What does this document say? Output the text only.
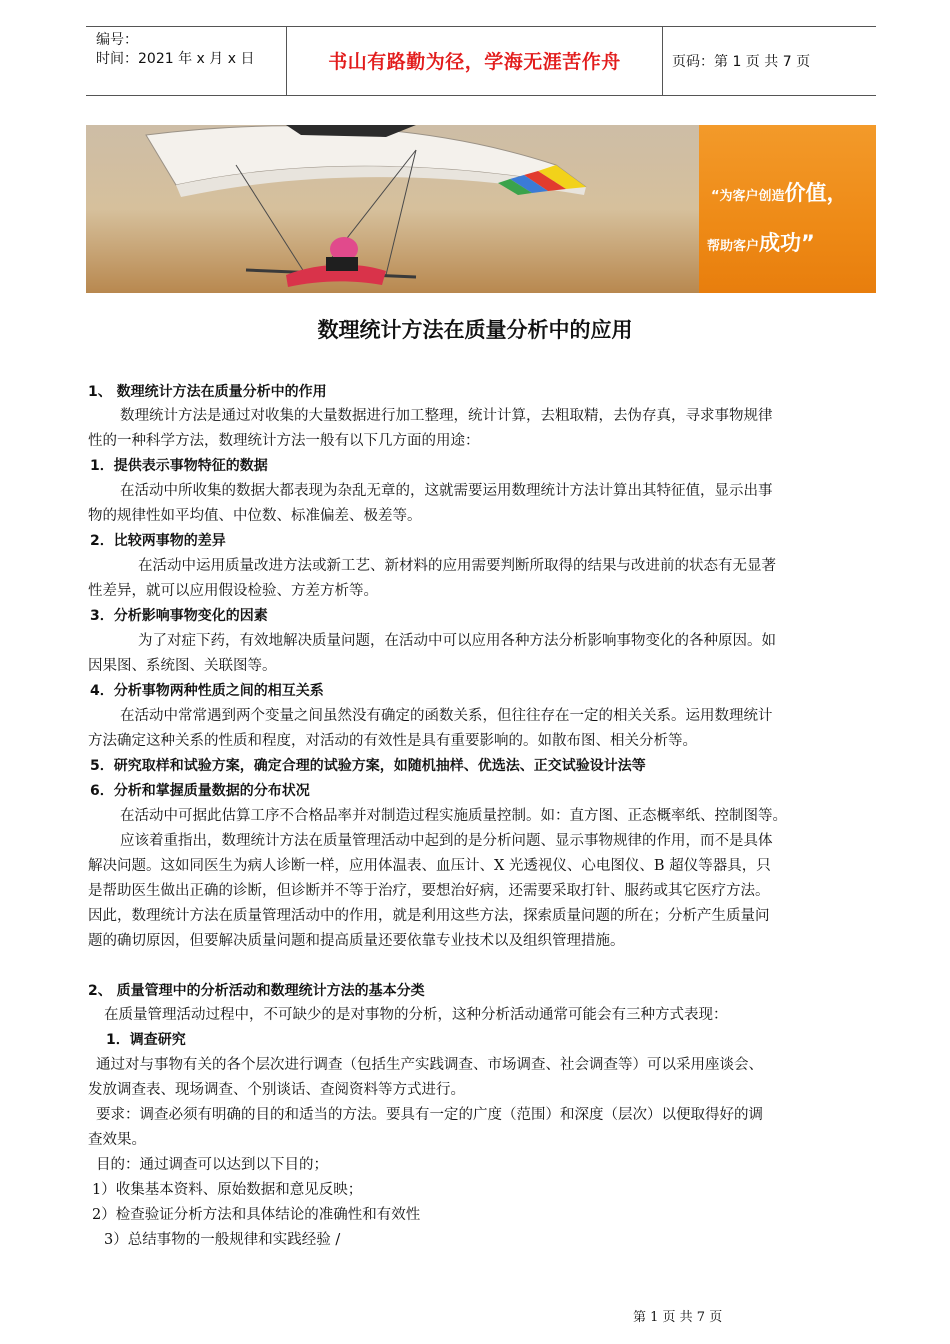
编号：
时间：2021 年 x 月 x 日	书山有路勤为径，学海无涯苦作舟	页码：第 1 页 共 7 页
“为客户创造价值，
帮助客户成功”
数理统计方法在质量分析中的应用
1、 数理统计方法在质量分析中的作用
数理统计方法是通过对收集的大量数据进行加工整理，统计计算，去粗取精，去伪存真，寻求事物规律
性的一种科学方法，数理统计方法一般有以下几方面的用途：
1．提供表示事物特征的数据
在活动中所收集的数据大都表现为杂乱无章的，这就需要运用数理统计方法计算出其特征值，显示出事
物的规律性如平均值、中位数、标准偏差、极差等。
2．比较两事物的差异
在活动中运用质量改进方法或新工艺、新材料的应用需要判断所取得的结果与改进前的状态有无显著
性差异，就可以应用假设检验、方差方析等。
3．分析影响事物变化的因素
为了对症下药，有效地解决质量问题，在活动中可以应用各种方法分析影响事物变化的各种原因。如
因果图、系统图、关联图等。
4．分析事物两种性质之间的相互关系
在活动中常常遇到两个变量之间虽然没有确定的函数关系，但往往存在一定的相关关系。运用数理统计
方法确定这种关系的性质和程度，对活动的有效性是具有重要影响的。如散布图、相关分析等。
5．研究取样和试验方案，确定合理的试验方案，如随机抽样、优选法、正交试验设计法等
6．分析和掌握质量数据的分布状况
在活动中可据此估算工序不合格品率并对制造过程实施质量控制。如：直方图、正态概率纸、控制图等。
应该着重指出，数理统计方法在质量管理活动中起到的是分析问题、显示事物规律的作用，而不是具体
解决问题。这如同医生为病人诊断一样，应用体温表、血压计、X 光透视仪、心电图仪、B 超仪等器具，只
是帮助医生做出正确的诊断，但诊断并不等于治疗，要想治好病，还需要采取打针、服药或其它医疗方法。
因此，数理统计方法在质量管理活动中的作用，就是利用这些方法，探索质量问题的所在；分析产生质量问
题的确切原因，但要解决质量问题和提高质量还要依靠专业技术以及组织管理措施。
2、 质量管理中的分析活动和数理统计方法的基本分类
在质量管理活动过程中，不可缺少的是对事物的分析，这种分析活动通常可能会有三种方式表现：
1．调查研究
通过对与事物有关的各个层次进行调查（包括生产实践调查、市场调查、社会调查等）可以采用座谈会、
发放调查表、现场调查、个别谈话、查阅资料等方式进行。
要求：调查必须有明确的目的和适当的方法。要具有一定的广度（范围）和深度（层次）以便取得好的调
查效果。
目的：通过调查可以达到以下目的；
1）收集基本资料、原始数据和意见反映；
2）检查验证分析方法和具体结论的准确性和有效性
3）总结事物的一般规律和实践经验 /
第 1 页 共 7 页
